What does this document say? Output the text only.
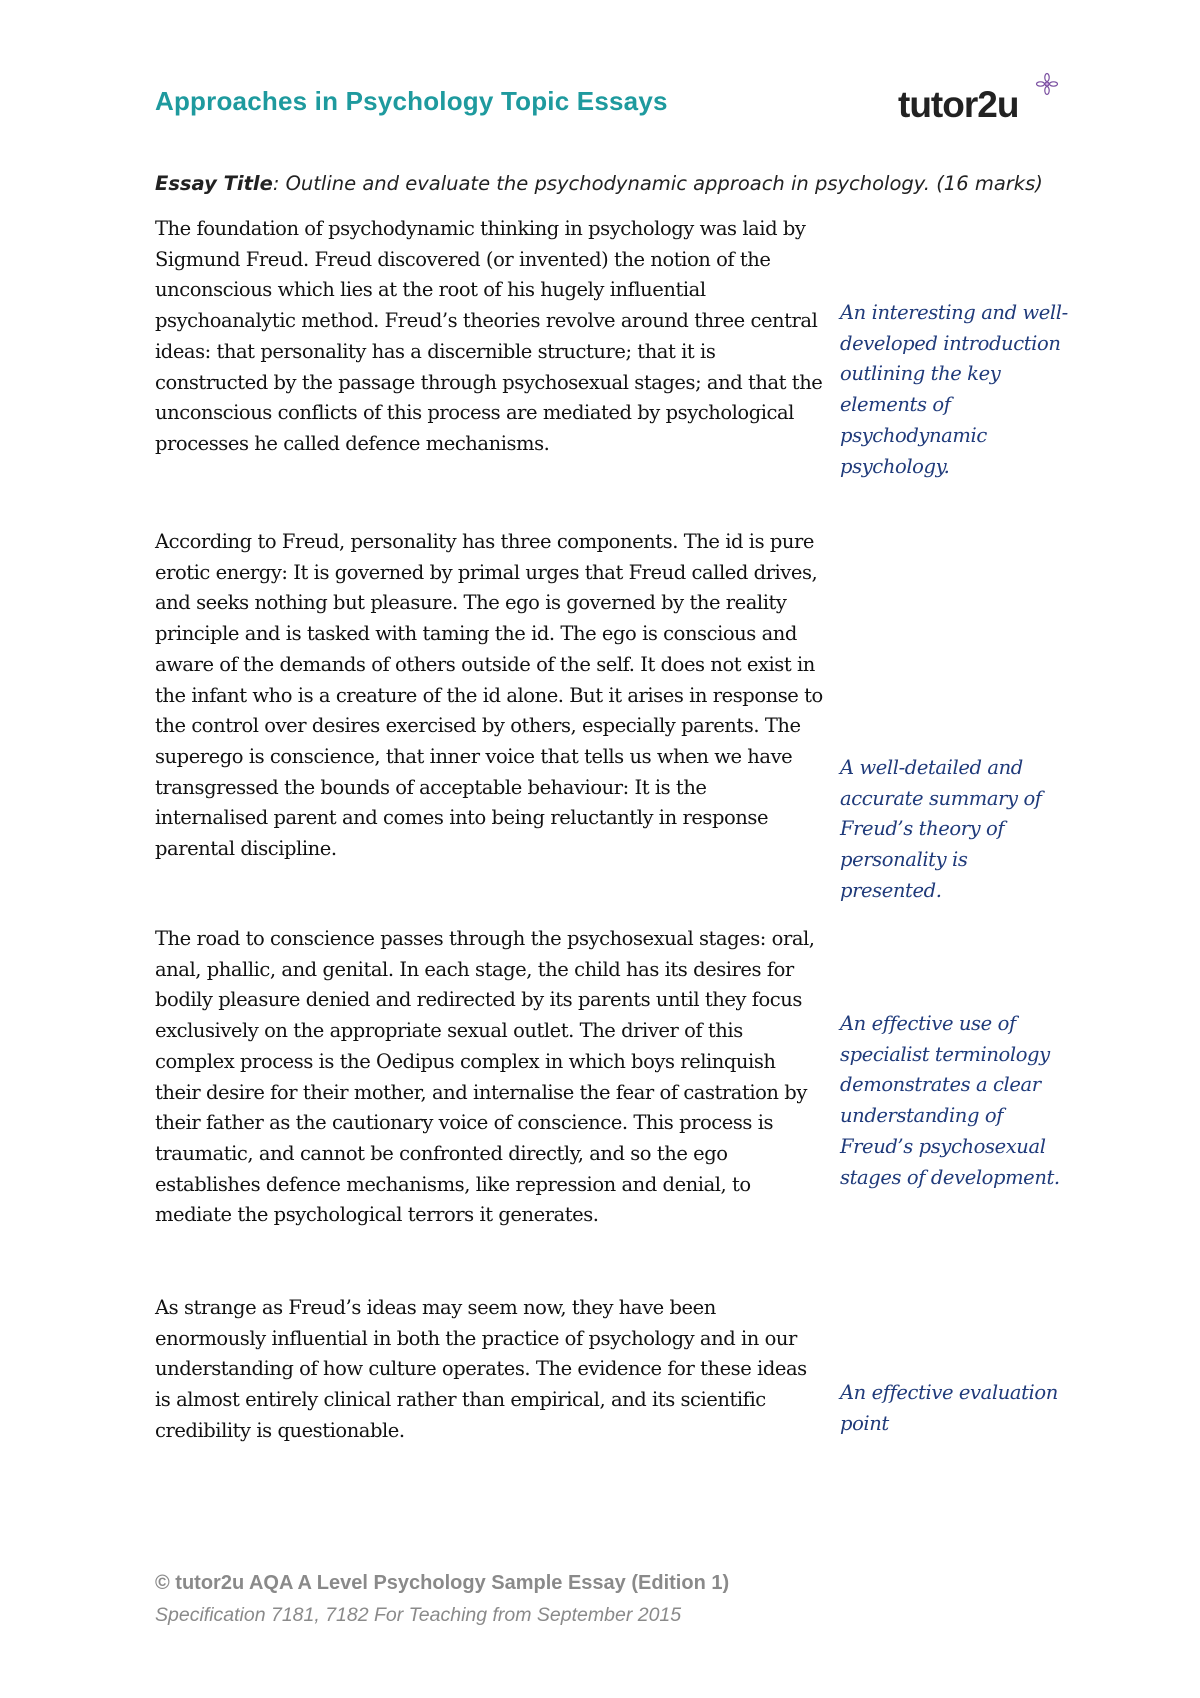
Approaches in Psychology Topic Essays	tutor2u

Essay Title: Outline and evaluate the psychodynamic approach in psychology. (16 marks)

The foundation of psychodynamic thinking in psychology was laid by Sigmund Freud. Freud discovered (or invented) the notion of the unconscious which lies at the root of his hugely influential psychoanalytic method. Freud’s theories revolve around three central ideas: that personality has a discernible structure; that it is constructed by the passage through psychosexual stages; and that the unconscious conflicts of this process are mediated by psychological processes he called defence mechanisms.

According to Freud, personality has three components. The id is pure erotic energy: It is governed by primal urges that Freud called drives, and seeks nothing but pleasure. The ego is governed by the reality principle and is tasked with taming the id. The ego is conscious and aware of the demands of others outside of the self. It does not exist in the infant who is a creature of the id alone. But it arises in response to the control over desires exercised by others, especially parents. The superego is conscience, that inner voice that tells us when we have transgressed the bounds of acceptable behaviour: It is the internalised parent and comes into being reluctantly in response parental discipline.

The road to conscience passes through the psychosexual stages: oral, anal, phallic, and genital. In each stage, the child has its desires for bodily pleasure denied and redirected by its parents until they focus exclusively on the appropriate sexual outlet. The driver of this complex process is the Oedipus complex in which boys relinquish their desire for their mother, and internalise the fear of castration by their father as the cautionary voice of conscience. This process is traumatic, and cannot be confronted directly, and so the ego establishes defence mechanisms, like repression and denial, to mediate the psychological terrors it generates.

As strange as Freud’s ideas may seem now, they have been enormously influential in both the practice of psychology and in our understanding of how culture operates. The evidence for these ideas is almost entirely clinical rather than empirical, and its scientific credibility is questionable.

An interesting and well-developed introduction outlining the key elements of psychodynamic psychology.

A well-detailed and accurate summary of Freud’s theory of personality is presented.

An effective use of specialist terminology demonstrates a clear understanding of Freud’s psychosexual stages of development.

An effective evaluation point

© tutor2u AQA A Level Psychology Sample Essay (Edition 1)
Specification 7181, 7182 For Teaching from September 2015
